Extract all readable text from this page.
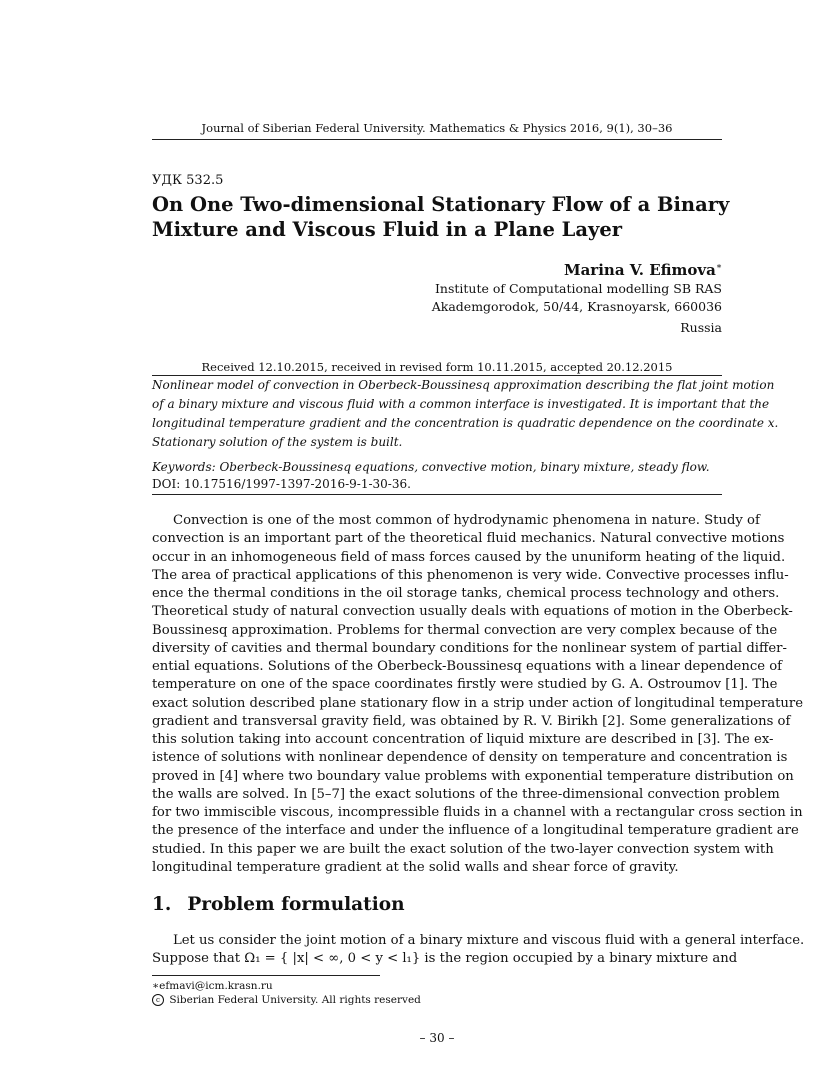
Journal of Siberian Federal University. Mathematics & Physics 2016, 9(1), 30–36
УДК 532.5
On One Two-dimensional Stationary Flow of a Binary
Mixture and Viscous Fluid in a Plane Layer
Marina V. Efimova∗
Institute of Computational modelling SB RAS
Akademgorodok, 50/44, Krasnoyarsk, 660036
Russia
Received 12.10.2015, received in revised form 10.11.2015, accepted 20.12.2015
Nonlinear model of convection in Oberbeck-Boussinesq approximation describing the flat joint motion
of a binary mixture and viscous fluid with a common interface is investigated. It is important that the
longitudinal temperature gradient and the concentration is quadratic dependence on the coordinate x.
Stationary solution of the system is built.
Keywords: Oberbeck-Boussinesq equations, convective motion, binary mixture, steady flow.
DOI: 10.17516/1997-1397-2016-9-1-30-36.
Convection is one of the most common of hydrodynamic phenomena in nature. Study of
convection is an important part of the theoretical fluid mechanics. Natural convective motions
occur in an inhomogeneous field of mass forces caused by the ununiform heating of the liquid.
The area of practical applications of this phenomenon is very wide. Convective processes influ-
ence the thermal conditions in the oil storage tanks, chemical process technology and others.
Theoretical study of natural convection usually deals with equations of motion in the Oberbeck-
Boussinesq approximation. Problems for thermal convection are very complex because of the
diversity of cavities and thermal boundary conditions for the nonlinear system of partial differ-
ential equations. Solutions of the Oberbeck-Boussinesq equations with a linear dependence of
temperature on one of the space coordinates firstly were studied by G. A. Ostroumov [1]. The
exact solution described plane stationary flow in a strip under action of longitudinal temperature
gradient and transversal gravity field, was obtained by R. V. Birikh [2]. Some generalizations of
this solution taking into account concentration of liquid mixture are described in [3]. The ex-
istence of solutions with nonlinear dependence of density on temperature and concentration is
proved in [4] where two boundary value problems with exponential temperature distribution on
the walls are solved. In [5–7] the exact solutions of the three-dimensional convection problem
for two immiscible viscous, incompressible fluids in a channel with a rectangular cross section in
the presence of the interface and under the influence of a longitudinal temperature gradient are
studied. In this paper we are built the exact solution of the two-layer convection system with
longitudinal temperature gradient at the solid walls and shear force of gravity.
1. Problem formulation
Let us consider the joint motion of a binary mixture and viscous fluid with a general interface.
Suppose that Ω₁ = { |x| < ∞, 0 < y < l₁} is the region occupied by a binary mixture and
∗efmavi@icm.krasn.ru
c Siberian Federal University. All rights reserved
– 30 –
